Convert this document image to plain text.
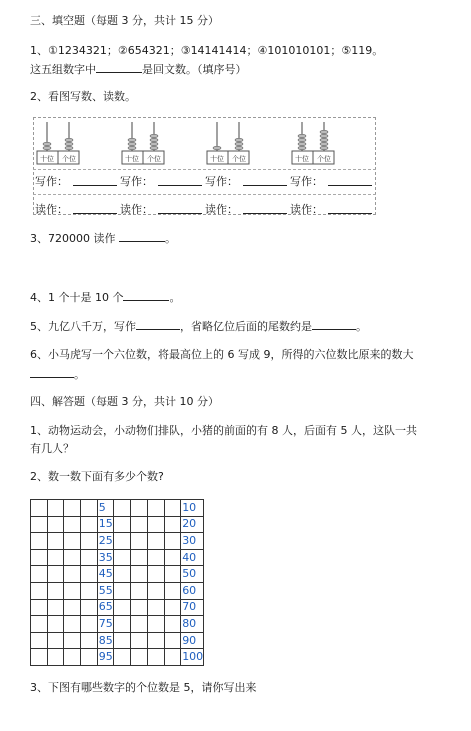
三、填空题（每题 3 分，共计 15 分）
1、①1234321；②654321；③14141414；④101010101；⑤119。
这五组数字中	是回文数。（填序号）
2、看图写数、读数。
十位 个位	十位 个位	十位 个位	十位 个位
写作：	写作：	写作：	写作：
读作：	读作：	读作：	读作：
3、720000 读作	。
4、1 个十是 10 个	。
5、九亿八千万，写作	，省略亿位后面的尾数约是	。
6、小马虎写一个六位数，将最高位上的 6 写成 9，所得的六位数比原来的数大
。
四、解答题（每题 3 分，共计 10 分）
1、动物运动会，小动物们排队，小猪的前面的有 8 人，后面有 5 人，这队一共
有几人？
2、数一数下面有多少个数?
				5					10
				15					20
				25					30
				35					40
				45					50
				55					60
				65					70
				75					80
				85					90
				95					100
3、下图有哪些数字的个位数是 5，请你写出来
